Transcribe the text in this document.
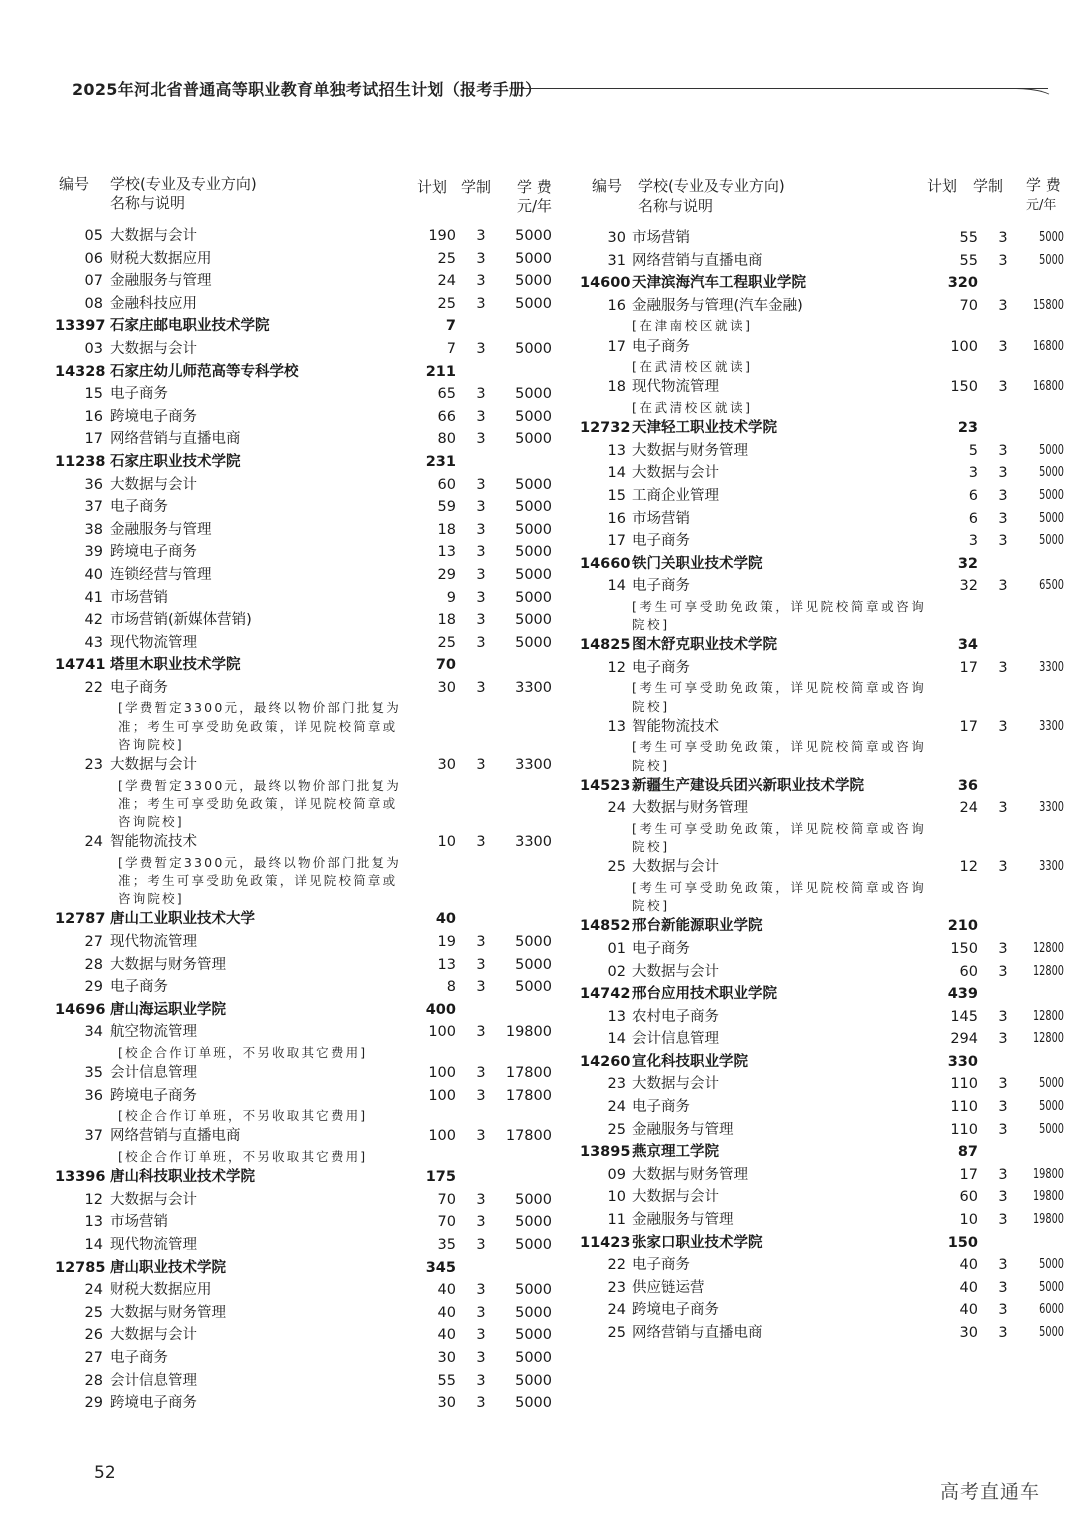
2025年河北省普通高等职业教育单独考试招生计划（报考手册）
编号 学校(专业及专业方向)
名称与说明
计划 学制 学 费
元/年
05 大数据与会计	190	3	5000
06 财税大数据应用	25	3	5000
07 金融服务与管理	24	3	5000
08 金融科技应用	25	3	5000
13397 石家庄邮电职业技术学院	7
03 大数据与会计	7	3	5000
14328 石家庄幼儿师范高等专科学校	211
15 电子商务	65	3	5000
16 跨境电子商务	66	3	5000
17 网络营销与直播电商	80	3	5000
11238 石家庄职业技术学院	231
36 大数据与会计	60	3	5000
37 电子商务	59	3	5000
38 金融服务与管理	18	3	5000
39 跨境电子商务	13	3	5000
40 连锁经营与管理	29	3	5000
41 市场营销	9	3	5000
42 市场营销(新媒体营销)	18	3	5000
43 现代物流管理	25	3	5000
14741 塔里木职业技术学院	70
22 电子商务	30	3	3300
[学费暂定3300元，最终以物价部门批复为
准；考生可享受助免政策，详见院校简章或
咨询院校]
23 大数据与会计	30	3	3300
[学费暂定3300元，最终以物价部门批复为
准；考生可享受助免政策，详见院校简章或
咨询院校]
24 智能物流技术	10	3	3300
[学费暂定3300元，最终以物价部门批复为
准；考生可享受助免政策，详见院校简章或
咨询院校]
12787 唐山工业职业技术大学	40
27 现代物流管理	19	3	5000
28 大数据与财务管理	13	3	5000
29 电子商务	8	3	5000
14696 唐山海运职业学院	400
34 航空物流管理	100	3	19800
[校企合作订单班，不另收取其它费用]
35 会计信息管理	100	3	17800
36 跨境电子商务	100	3	17800
[校企合作订单班，不另收取其它费用]
37 网络营销与直播电商	100	3	17800
[校企合作订单班，不另收取其它费用]
13396 唐山科技职业技术学院	175
12 大数据与会计	70	3	5000
13 市场营销	70	3	5000
14 现代物流管理	35	3	5000
12785 唐山职业技术学院	345
24 财税大数据应用	40	3	5000
25 大数据与财务管理	40	3	5000
26 大数据与会计	40	3	5000
27 电子商务	30	3	5000
28 会计信息管理	55	3	5000
29 跨境电子商务	30	3	5000
编号 学校(专业及专业方向)
名称与说明
计划 学制 学 费
元/年
30 市场营销	55	3	5000
31 网络营销与直播电商	55	3	5000
14600 天津滨海汽车工程职业学院	320
16 金融服务与管理(汽车金融)	70	3	15800
[在津南校区就读]
17 电子商务	100	3	16800
[在武清校区就读]
18 现代物流管理	150	3	16800
[在武清校区就读]
12732 天津轻工职业技术学院	23
13 大数据与财务管理	5	3	5000
14 大数据与会计	3	3	5000
15 工商企业管理	6	3	5000
16 市场营销	6	3	5000
17 电子商务	3	3	5000
14660 铁门关职业技术学院	32
14 电子商务	32	3	6500
[考生可享受助免政策，详见院校简章或咨询
院校]
14825 图木舒克职业技术学院	34
12 电子商务	17	3	3300
[考生可享受助免政策，详见院校简章或咨询
院校]
13 智能物流技术	17	3	3300
[考生可享受助免政策，详见院校简章或咨询
院校]
14523 新疆生产建设兵团兴新职业技术学院	36
24 大数据与财务管理	24	3	3300
[考生可享受助免政策，详见院校简章或咨询
院校]
25 大数据与会计	12	3	3300
[考生可享受助免政策，详见院校简章或咨询
院校]
14852 邢台新能源职业学院	210
01 电子商务	150	3	12800
02 大数据与会计	60	3	12800
14742 邢台应用技术职业学院	439
13 农村电子商务	145	3	12800
14 会计信息管理	294	3	12800
14260 宣化科技职业学院	330
23 大数据与会计	110	3	5000
24 电子商务	110	3	5000
25 金融服务与管理	110	3	5000
13895 燕京理工学院	87
09 大数据与财务管理	17	3	19800
10 大数据与会计	60	3	19800
11 金融服务与管理	10	3	19800
11423 张家口职业技术学院	150
22 电子商务	40	3	5000
23 供应链运营	40	3	5000
24 跨境电子商务	40	3	6000
25 网络营销与直播电商	30	3	5000
52
高考直通车
